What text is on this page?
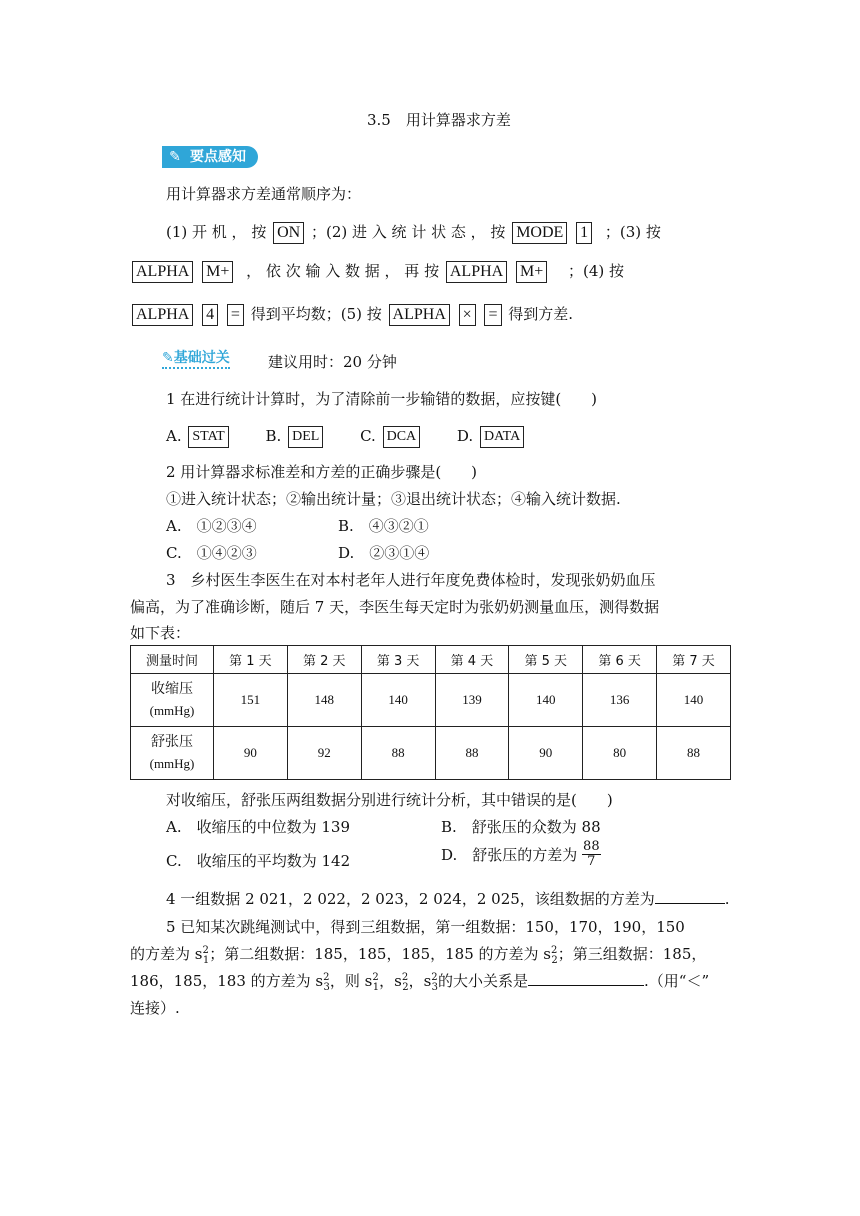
3.5　用计算器求方差
✎ 要点感知
用计算器求方差通常顺序为：
(1) 开 机 ， 按 ON ；(2) 进 入 统 计 状 态 ， 按 MODE 1 ；(3) 按
ALPHA M+ ， 依 次 输 入 数 据 ， 再 按 ALPHA M+ ；(4) 按
ALPHA 4 = 得到平均数；(5) 按 ALPHA × = 得到方差.
✎基础过关	建议用时：20 分钟
1 在进行统计计算时，为了清除前一步输错的数据，应按键(　　)
A. STAT	B. DEL	C. DCA	D. DATA
2 用计算器求标准差和方差的正确步骤是(　　)
①进入统计状态；②输出统计量；③退出统计状态；④输入统计数据.
A.　①②③④	B.　④③②①
C.　①④②③	D.　②③①④
3　乡村医生李医生在对本村老年人进行年度免费体检时，发现张奶奶血压
偏高，为了准确诊断，随后 7 天，李医生每天定时为张奶奶测量血压，测得数据
如下表：
测量时间	第 1 天	第 2 天	第 3 天	第 4 天	第 5 天	第 6 天	第 7 天

收缩压
(mmHg)	151	148	140	139	140	136	140

舒张压
(mmHg)	90	92	88	88	90	80	88
对收缩压，舒张压两组数据分别进行统计分析，其中错误的是(　　)
A.　收缩压的中位数为 139	B.　舒张压的众数为 88
C.　收缩压的平均数为 142	D.　舒张压的方差为 $\frac{88}{7}$
4 一组数据 2 021，2 022，2 023，2 024，2 025，该组数据的方差为	.
5 已知某次跳绳测试中，得到三组数据，第一组数据：150，170，190，150
的方差为 $s^2_1$；第二组数据：185，185，185，185 的方差为 $s^2_2$；第三组数据：185，
186，185，183 的方差为 $s^2_3$，则 $s^2_1$，$s^2_2$，$s^2_3$的大小关系是	.（用“＜”
连接）.
